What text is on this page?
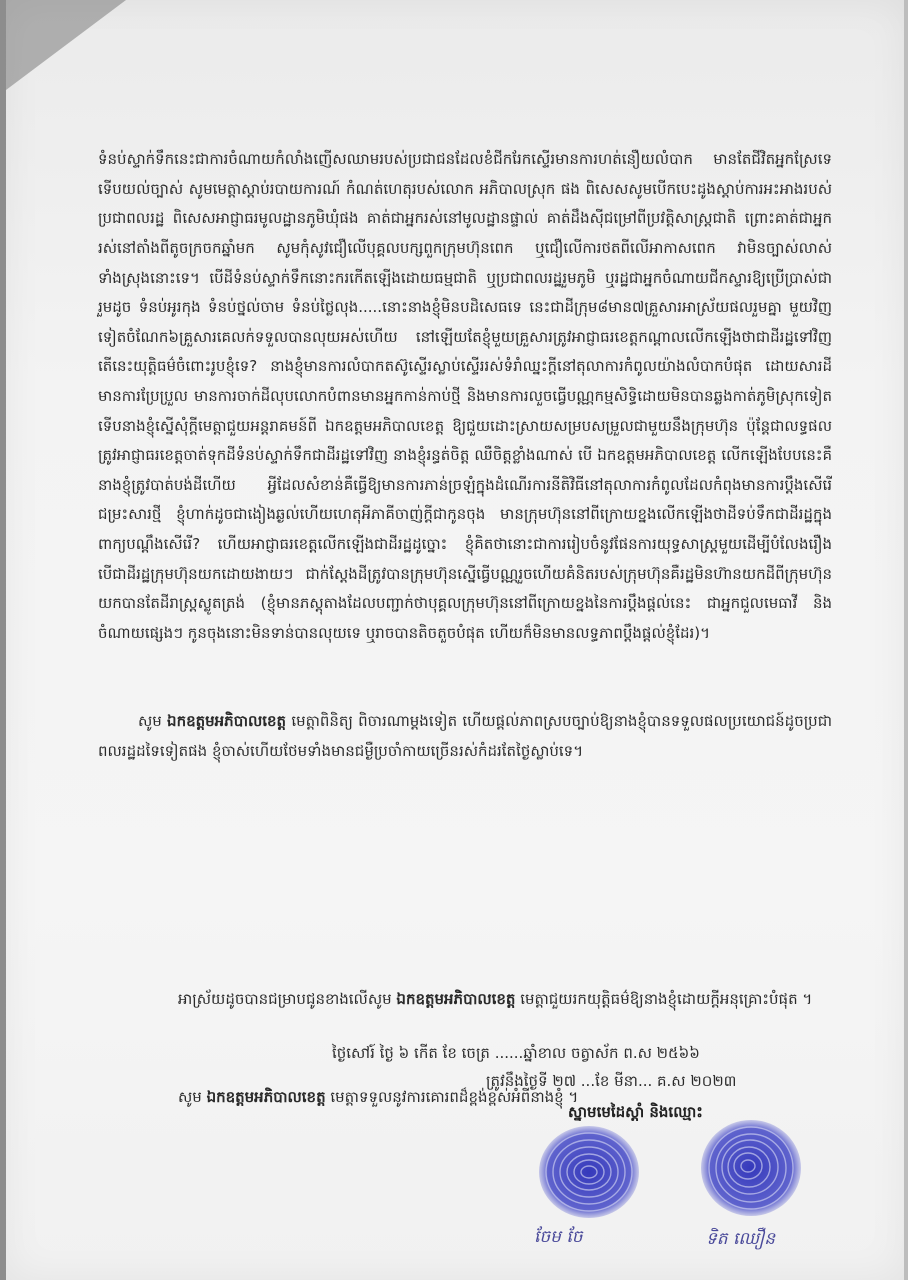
ទំនប់ស្ទាក់ទឹកនេះជាការចំណាយកំលាំងញើសឈាមរបស់ប្រជាជនដែលខំជីករែកស្ទើរមានការហត់នឿយលំបាក មានតែជីវិតអ្នកស្រែទេទើបយល់ច្បាស់ សូមមេត្តាស្តាប់របាយការណ៍ កំណត់ហេតុរបស់លោក អភិបាលស្រុក ផង ពិសេសសូមបើកបេះដូងស្តាប់ការអះអាងរបស់ប្រជាពលរដ្ឋ ពិសេសអាជ្ញាធរមូលដ្ឋានភូមិឃុំផង គាត់ជាអ្នករស់នៅមូលដ្ឋានផ្ទាល់ គាត់ដឹងស៊ីជម្រៅពីប្រវត្តិសាស្ត្រជាតិ ព្រោះគាត់ជាអ្នករស់នៅតាំងពីតូចក្រចកឆ្នាំមក សូមកុំសូវជឿលើបុគ្គលបក្សពួកក្រុមហ៊ុនពេក ឬជឿលើការថតពីលើអាកាសពេក វាមិនច្បាស់លាស់ទាំងស្រុងនោះទេ។ បើដីទំនប់ស្ទាក់ទឹកនោះករកើតឡើងដោយធម្មជាតិ ឬប្រជាពលរដ្ឋរួមភូមិ ឬរដ្ឋជាអ្នកចំណាយជីកស្ទារឱ្យប្រើប្រាស់ជារួមដូច ទំនប់អូរកុង ទំនប់ថ្នល់ចាម ទំនប់ថ្លៃលុង.....នោះនាងខ្ញុំមិនបដិសេធទេ នេះជាដីក្រុម៨មាន៧គ្រួសារអាស្រ័យផលរួមគ្នា មួយវិញទៀតចំណែក៦គ្រួសារគេលក់ទទួលបានលុយអស់ហើយ នៅឡើយតែខ្ញុំមួយគ្រួសារត្រូវអាជ្ញាធរខេត្តកណ្តាលលើកឡើងថាជាដីរដ្ឋទៅវិញ តើនេះយុត្តិធម៌ចំពោះរូបខ្ញុំទេ? នាងខ្ញុំមានការលំបាកតស៊ូស្ទើរស្លាប់ស្ទើររស់ទំរាំឈ្នះក្តីនៅតុលាការកំពូលយ៉ាងលំបាកបំផុត ដោយសារដីមានការប្រែប្រួល មានការចាក់ដីលុបលោកបំពានមានអ្នកកាន់កាប់ថ្មី និងមានការលួចធ្វើបណ្ណកម្មសិទ្ធិដោយមិនបានឆ្លងកាត់ភូមិស្រុកទៀត ទើបនាងខ្ញុំស្នើសុំក្តីមេត្តាជួយអន្តរាគមន៍ពី ឯកឧត្តមអភិបាលខេត្ត ឱ្យជួយដោះស្រាយសម្របសម្រួលជាមួយនឹងក្រុមហ៊ុន ប៉ុន្តែជាលទ្ធផលត្រូវអាជ្ញាធរខេត្តចាត់ទុកដីទំនប់ស្ទាក់ទឹកជាដីរដ្ឋទៅវិញ នាងខ្ញុំរន្ធត់ចិត្ត ឈឺចិត្តខ្លាំងណាស់ បើ ឯកឧត្តមអភិបាលខេត្ត លើកឡើងបែបនេះគឺនាងខ្ញុំត្រូវបាត់បង់ដីហើយ អ្វីដែលសំខាន់គឺធ្វើឱ្យមានការភាន់ច្រឡំក្នុងដំណើរការនីតិវិធីនៅតុលាការកំពូលដែលកំពុងមានការប្តឹងសើរើជម្រះសារថ្មី ខ្ញុំហាក់ដូចជាងៀងឆ្ងល់ហើយហេតុអីភាគីចាញ់ក្តីជាកូនចុង មានក្រុមហ៊ុននៅពីក្រោយខ្នងលើកឡើងថាដីទប់ទឹកជាដីរដ្ឋក្នុងពាក្យបណ្តឹងសើរើ? ហើយអាជ្ញាធរខេត្តលើកឡើងជាដីរដ្ឋដូច្នោះ ខ្ញុំគិតថានោះជាការរៀបចំនូវផែនការយុទ្ធសាស្ត្រមួយដើម្បីបំលែងរឿង បើជាដីរដ្ឋក្រុមហ៊ុនយកដោយងាយៗ ជាក់ស្តែងដីត្រូវបានក្រុមហ៊ុនស្នើធ្វើបណ្ណរួចហើយគំនិតរបស់ក្រុមហ៊ុនគឺរដ្ឋមិនហ៊ានយកដីពីក្រុមហ៊ុន យកបានតែដីរាស្ត្រស្លូតត្រង់ (ខ្ញុំមានភស្តុតាងដែលបញ្ជាក់ថាបុគ្គលក្រុមហ៊ុននៅពីក្រោយខ្នងនៃការប្តឹងផ្តល់នេះ ជាអ្នកជួលមេធាវី និងចំណាយផ្សេងៗ កូនចុងនោះមិនទាន់បានលុយទេ ឬរាចបានតិចតួចបំផុត ហើយក៏មិនមានលទ្ធភាពប្តឹងផ្តល់ខ្ញុំដែរ)។

សូម ឯកឧត្តមអភិបាលខេត្ត មេត្តាពិនិត្យ ពិចារណាម្តងទៀត ហើយផ្តល់ភាពស្របច្បាប់ឱ្យនាងខ្ញុំបានទទួលផលប្រយោជន៍ដូចប្រជាពលរដ្ឋដទៃទៀតផង ខ្ញុំចាស់ហើយថែមទាំងមានជម្ងឺប្រចាំកាយច្រើនរស់កំដរតែថ្ងៃស្លាប់ទេ។

អាស្រ័យដូចបានជម្រាបជូនខាងលើសូម ឯកឧត្តមអភិបាលខេត្ត មេត្តាជួយរកយុត្តិធម៌ឱ្យនាងខ្ញុំដោយក្តីអនុគ្រោះបំផុត ។

សូម ឯកឧត្តមអភិបាលខេត្ត មេត្តាទទួលនូវការគោរពដ៏ខ្ពង់ខ្ពស់អំពីនាងខ្ញុំ ។

ថ្ងៃសៅរ៍ ថ្ងៃ ៦ កើត ខែ ចេត្រ ......ឆ្នាំខាល ចត្វាស័ក ព.ស ២៥៦៦
ត្រូវនឹងថ្ងៃទី ២៧ ...ខែ មីនា... គ.ស ២០២៣
ស្នាមមេដៃស្តាំ និងឈ្មោះ
ចែម ចែ	ទិត ឈឿន
